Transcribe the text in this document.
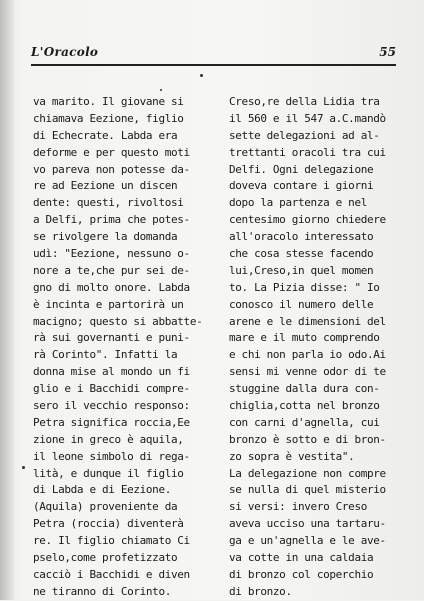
L'Oracolo	55
va marito. Il giovane si
chiamava Eezione, figlio
di Echecrate. Labda era
deforme e per questo moti
vo pareva non potesse da-
re ad Eezione un discen
dente: questi, rivoltosi
a Delfi, prima che potes-
se rivolgere la domanda
udì: "Eezione, nessuno o-
nore a te,che pur sei de-
gno di molto onore. Labda
è incinta e partorirà un
macigno; questo si abbatte-
rà sui governanti e puni-
rà Corinto". Infatti la
donna mise al mondo un fi
glio e i Bacchidi compre-
sero il vecchio responso:
Petra significa roccia,Ee
zione in greco è aquila,
il leone simbolo di rega-
lità, e dunque il figlio
di Labda e di Eezione.
(Aquila) proveniente da
Petra (roccia) diventerà
re. Il figlio chiamato Ci
pselo,come profetizzato
cacciò i Bacchidi e diven
ne tiranno di Corinto.
Creso,re della Lidia tra
il 560 e il 547 a.C.mandò
sette delegazioni ad al-
trettanti oracoli tra cui
Delfi. Ogni delegazione
doveva contare i giorni
dopo la partenza e nel
centesimo giorno chiedere
all'oracolo interessato
che cosa stesse facendo
lui,Creso,in quel momen
to. La Pizia disse: " Io
conosco il numero delle
arene e le dimensioni del
mare e il muto comprendo
e chi non parla io odo.Ai
sensi mi venne odor di te
stuggine dalla dura con-
chiglia,cotta nel bronzo
con carni d'agnella, cui
bronzo è sotto e di bron-
zo sopra è vestita".
La delegazione non compre
se nulla di quel misterio
si versi: invero Creso
aveva ucciso una tartaru-
ga e un'agnella e le ave-
va cotte in una caldaia
di bronzo col coperchio
di bronzo.
